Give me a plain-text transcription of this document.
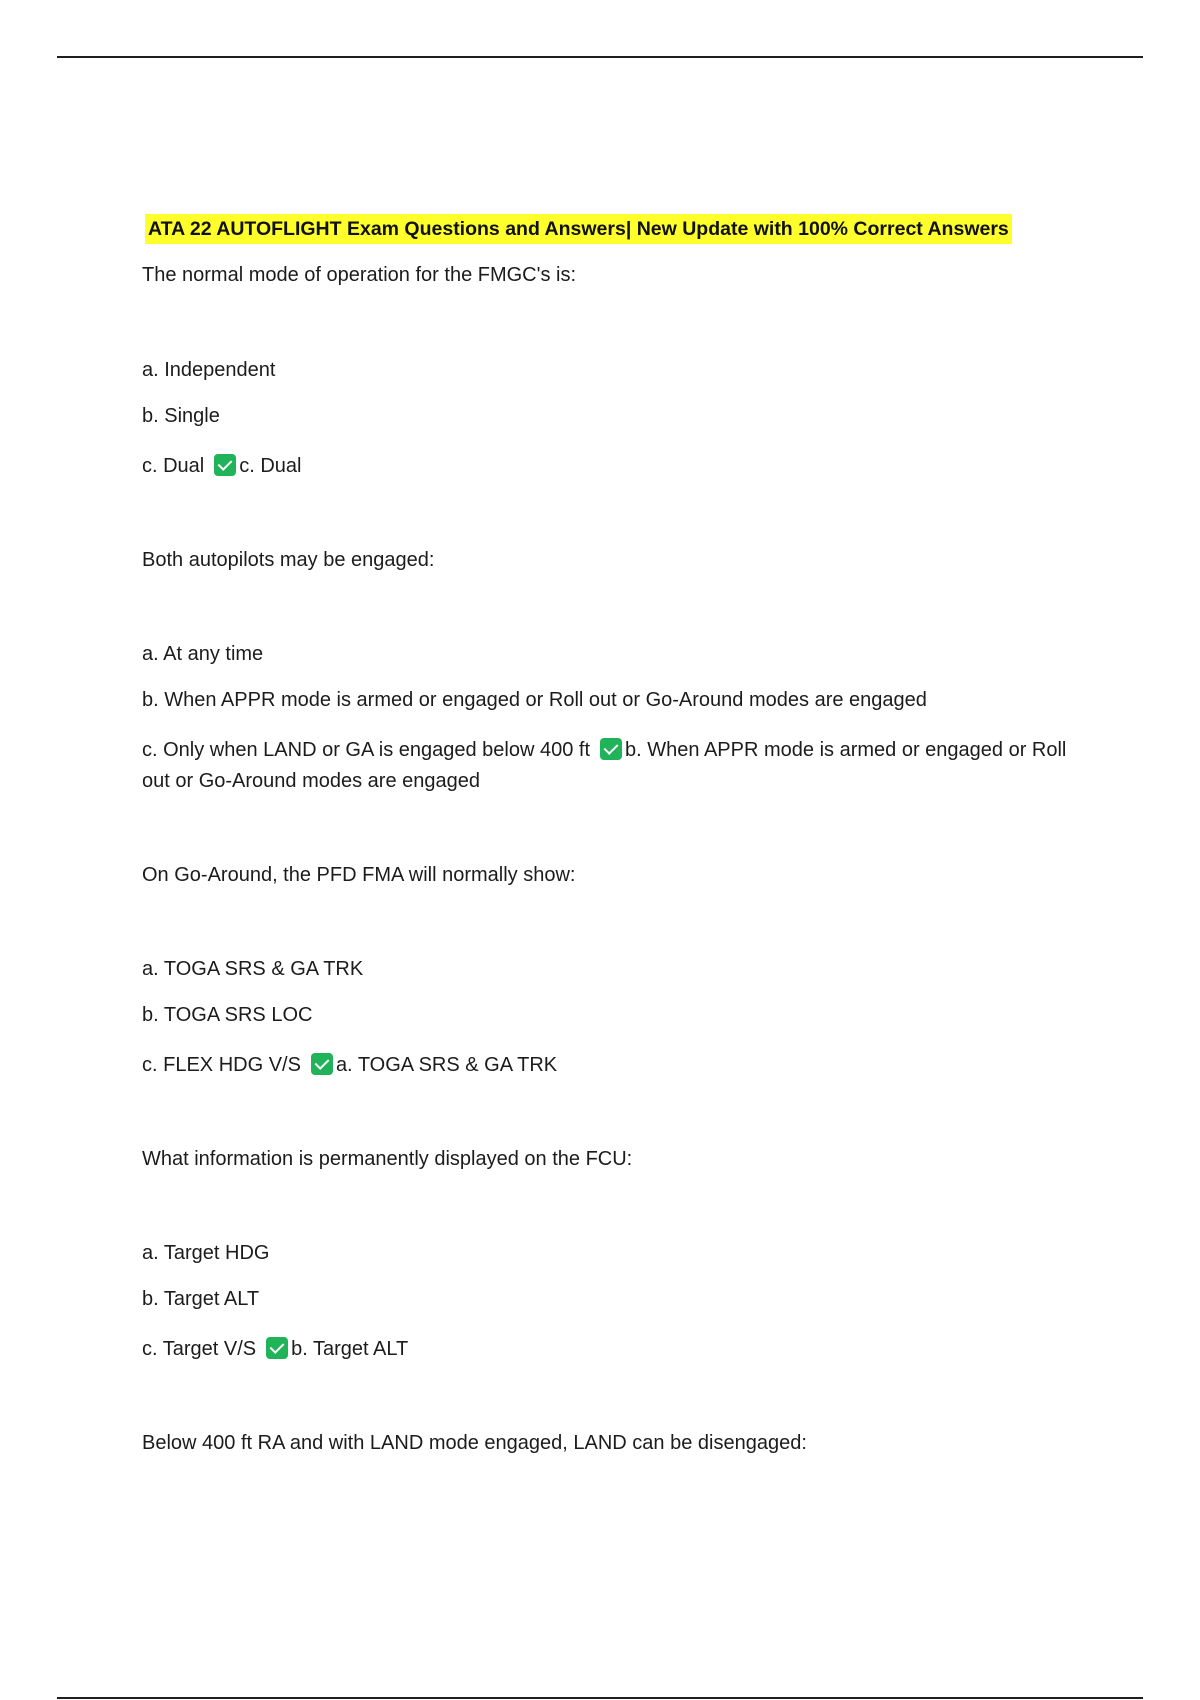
ATA 22 AUTOFLIGHT Exam Questions and Answers| New Update with 100% Correct Answers
The normal mode of operation for the FMGC's is:
a. Independent
b. Single
c. Dual c. Dual
Both autopilots may be engaged:
a. At any time
b. When APPR mode is armed or engaged or Roll out or Go-Around modes are engaged
c. Only when LAND or GA is engaged below 400 ft b. When APPR mode is armed or engaged or Roll out or Go-Around modes are engaged
On Go-Around, the PFD FMA will normally show:
a. TOGA SRS & GA TRK
b. TOGA SRS LOC
c. FLEX HDG V/S a. TOGA SRS & GA TRK
What information is permanently displayed on the FCU:
a. Target HDG
b. Target ALT
c. Target V/S b. Target ALT
Below 400 ft RA and with LAND mode engaged, LAND can be disengaged:
